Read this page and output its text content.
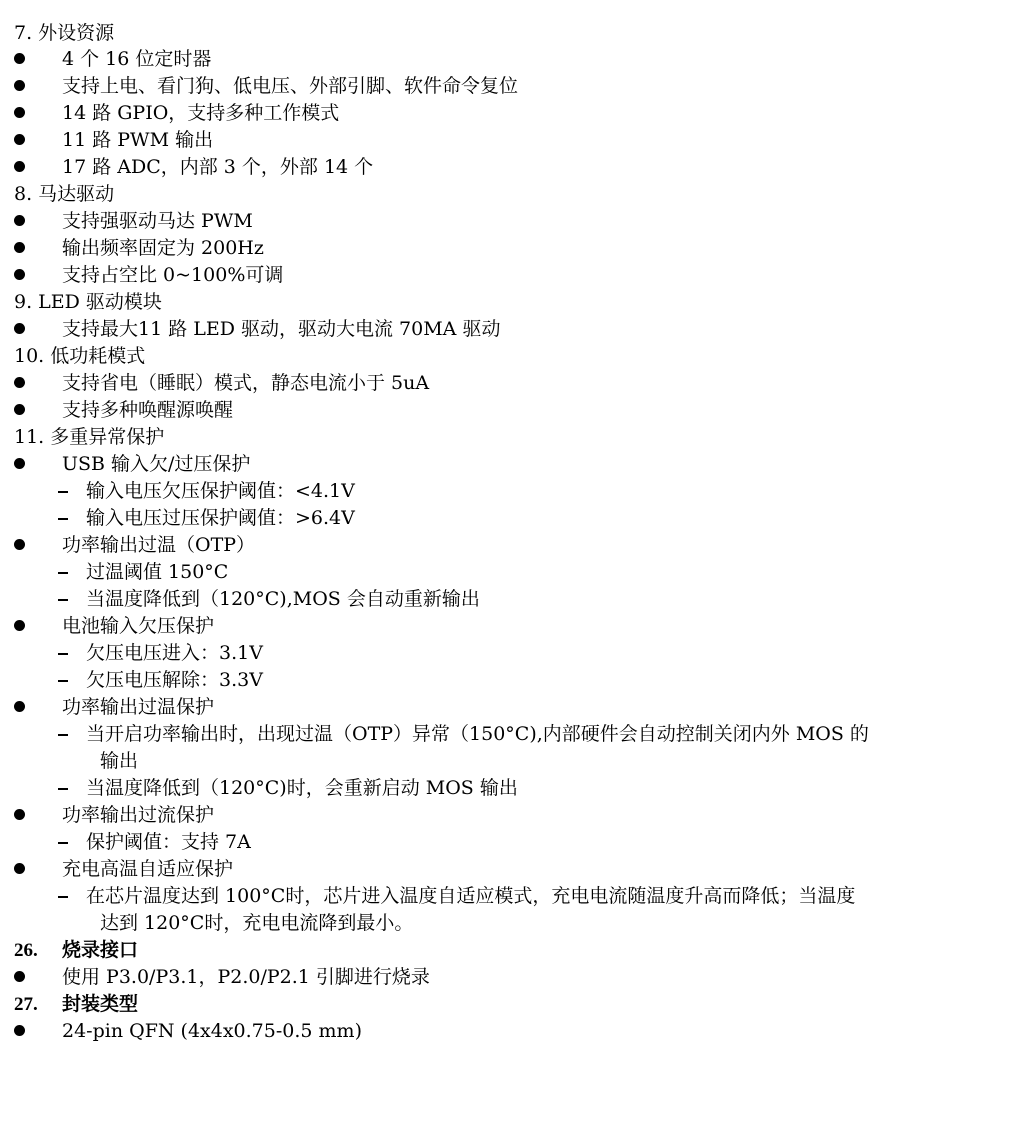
7. 外设资源
4 个 16 位定时器
支持上电、看门狗、低电压、外部引脚、软件命令复位
14 路 GPIO，支持多种工作模式
11 路 PWM 输出
17 路 ADC，内部 3 个，外部 14 个
8. 马达驱动
支持强驱动马达 PWM
输出频率固定为 200Hz
支持占空比 0~100%可调
9. LED 驱动模块
支持最大11 路 LED 驱动，驱动大电流 70MA 驱动
10. 低功耗模式
支持省电（睡眠）模式，静态电流小于 5uA
支持多种唤醒源唤醒
11. 多重异常保护
USB 输入欠/过压保护
输入电压欠压保护阈值：<4.1V
输入电压过压保护阈值：>6.4V
功率输出过温（OTP）
过温阈值 150°C
当温度降低到（120°C),MOS 会自动重新输出
电池输入欠压保护
欠压电压进入：3.1V
欠压电压解除：3.3V
功率输出过温保护
当开启功率输出时，出现过温（OTP）异常（150°C),内部硬件会自动控制关闭内外 MOS 的
输出
当温度降低到（120°C)时，会重新启动 MOS 输出
功率输出过流保护
保护阈值：支持 7A
充电高温自适应保护
在芯片温度达到 100°C时，芯片进入温度自适应模式，充电电流随温度升高而降低；当温度
达到 120°C时，充电电流降到最小。
26. 烧录接口
使用 P3.0/P3.1，P2.0/P2.1 引脚进行烧录
27. 封装类型
24-pin QFN (4x4x0.75-0.5 mm)
